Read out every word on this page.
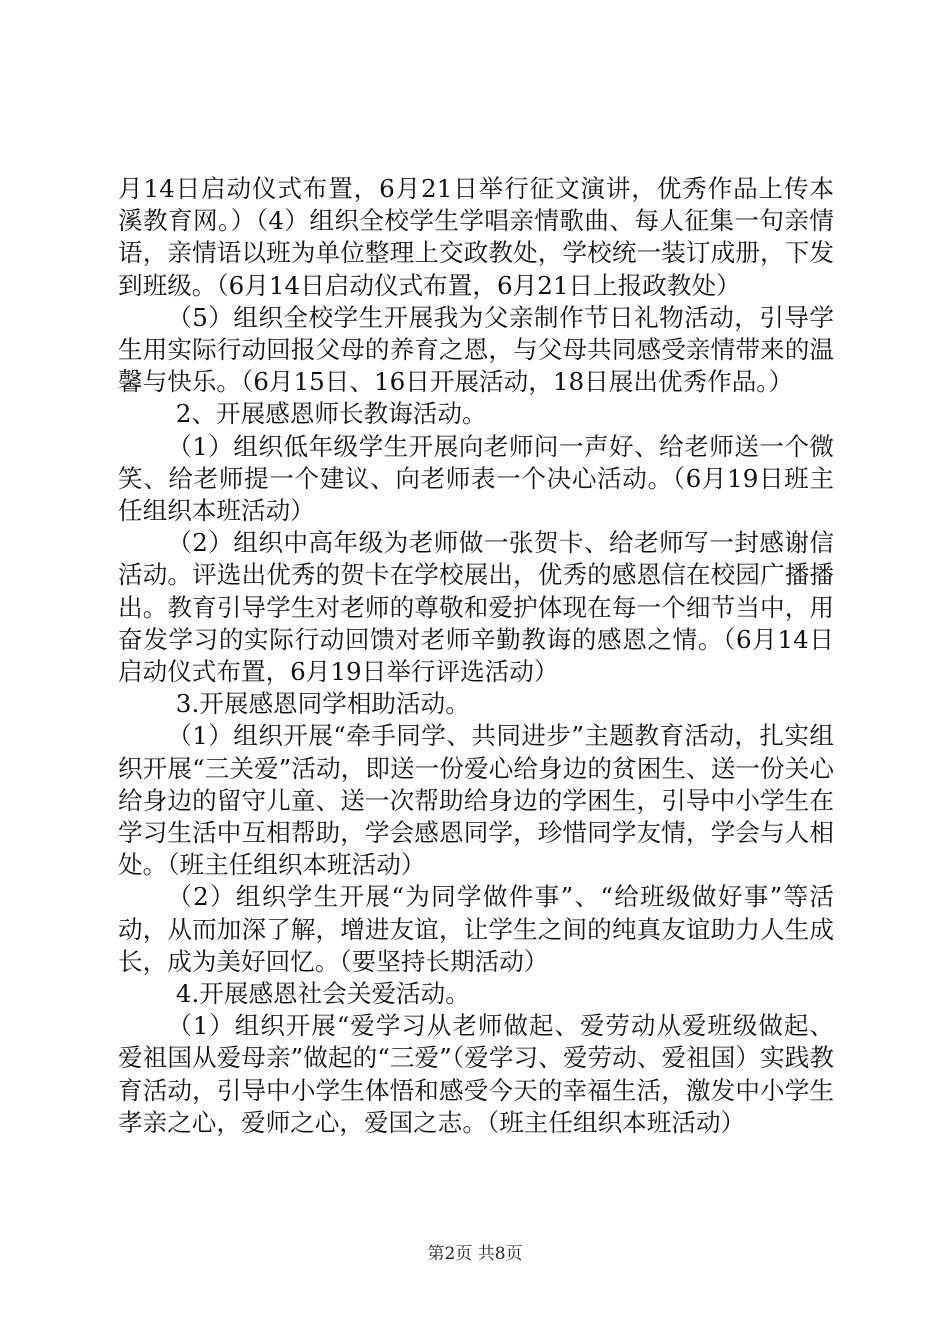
月14日启动仪式布置，6月21日举行征文演讲，优秀作品上传本溪教育网。）（4）组织全校学生学唱亲情歌曲、每人征集一句亲情语，亲情语以班为单位整理上交政教处，学校统一装订成册，下发到班级。（6月14日启动仪式布置，6月21日上报政教处）

（5）组织全校学生开展我为父亲制作节日礼物活动，引导学生用实际行动回报父母的养育之恩，与父母共同感受亲情带来的温馨与快乐。（6月15日、16日开展活动，18日展出优秀作品。）

2、开展感恩师长教诲活动。

（1）组织低年级学生开展向老师问一声好、给老师送一个微笑、给老师提一个建议、向老师表一个决心活动。（6月19日班主任组织本班活动）

（2）组织中高年级为老师做一张贺卡、给老师写一封感谢信活动。评选出优秀的贺卡在学校展出，优秀的感恩信在校园广播播出。教育引导学生对老师的尊敬和爱护体现在每一个细节当中，用奋发学习的实际行动回馈对老师辛勤教诲的感恩之情。（6月14日启动仪式布置，6月19日举行评选活动）

3.开展感恩同学相助活动。

（1）组织开展“牵手同学、共同进步”主题教育活动，扎实组织开展“三关爱”活动，即送一份爱心给身边的贫困生、送一份关心给身边的留守儿童、送一次帮助给身边的学困生，引导中小学生在学习生活中互相帮助，学会感恩同学，珍惜同学友情，学会与人相处。（班主任组织本班活动）

（2）组织学生开展“为同学做件事”、“给班级做好事”等活动，从而加深了解，增进友谊，让学生之间的纯真友谊助力人生成长，成为美好回忆。（要坚持长期活动）

4.开展感恩社会关爱活动。

（1）组织开展“爱学习从老师做起、爱劳动从爱班级做起、爱祖国从爱母亲”做起的“三爱”（爱学习、爱劳动、爱祖国）实践教育活动，引导中小学生体悟和感受今天的幸福生活，激发中小学生孝亲之心，爱师之心，爱国之志。（班主任组织本班活动）

第2页 共8页
